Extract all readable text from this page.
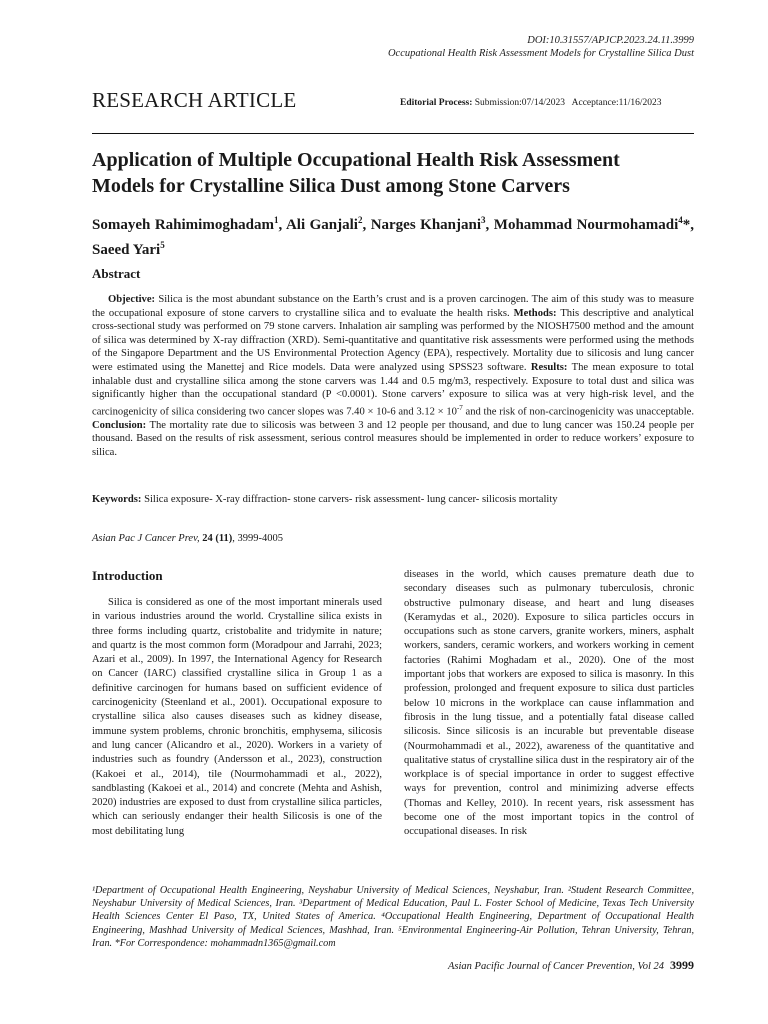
DOI:10.31557/APJCP.2023.24.11.3999
Occupational Health Risk Assessment Models for Crystalline Silica Dust
RESEARCH ARTICLE	Editorial Process: Submission:07/14/2023 Acceptance:11/16/2023
Application of Multiple Occupational Health Risk Assessment
Models for Crystalline Silica Dust among Stone Carvers
Somayeh Rahimimoghadam$^1$, Ali Ganjali$^2$, Narges Khanjani$^3$, Mohammad Nourmohamadi$^4$*, Saeed Yari$^5$
Abstract
Objective: Silica is the most abundant substance on the Earth’s crust and is a proven carcinogen. The aim of this study was to measure the occupational exposure of stone carvers to crystalline silica and to evaluate the health risks. Methods: This descriptive and analytical cross-sectional study was performed on 79 stone carvers. Inhalation air sampling was performed by the NIOSH7500 method and the amount of silica was determined by X-ray diffraction (XRD). Semi-quantitative and quantitative risk assessments were performed using the methods of the Singapore Department and the US Environmental Protection Agency (EPA), respectively. Mortality due to silicosis and lung cancer were estimated using the Manettej and Rice models. Data were analyzed using SPSS23 software. Results: The mean exposure to total inhalable dust and crystalline silica among the stone carvers was 1.44 and 0.5 mg/m3, respectively. Exposure to total dust and silica was significantly higher than the occupational standard (P <0.0001). Stone carvers’ exposure to silica was at very high-risk level, and the carcinogenicity of silica considering two cancer slopes was 7.40 × 10-6 and $3.12 \times 10^{-7}$ and the risk of non-carcinogenicity was unacceptable. Conclusion: The mortality rate due to silicosis was between 3 and 12 people per thousand, and due to lung cancer was 150.24 people per thousand. Based on the results of risk assessment, serious control measures should be implemented in order to reduce workers’ exposure to silica.
Keywords: Silica exposure- X-ray diffraction- stone carvers- risk assessment- lung cancer- silicosis mortality
Asian Pac J Cancer Prev, 24 (11), 3999-4005
Introduction
Silica is considered as one of the most important minerals used in various industries around the world. Crystalline silica exists in three forms including quartz, cristobalite and tridymite in nature; and quartz is the most common form (Moradpour and Jarrahi, 2023; Azari et al., 2009). In 1997, the International Agency for Research on Cancer (IARC) classified crystalline silica in Group 1 as a definitive carcinogen for humans based on sufficient evidence of carcinogenicity (Steenland et al., 2001). Occupational exposure to crystalline silica also causes diseases such as kidney disease, immune system problems, chronic bronchitis, emphysema, silicosis and lung cancer (Alicandro et al., 2020). Workers in a variety of industries such as foundry (Andersson et al., 2023), construction (Kakoei et al., 2014), tile (Nourmohammadi et al., 2022), sandblasting (Kakoei et al., 2014) and concrete (Mehta and Ashish, 2020) industries are exposed to dust from crystalline silica particles, which can seriously endanger their health Silicosis is one of the most debilitating lung
diseases in the world, which causes premature death due to secondary diseases such as pulmonary tuberculosis, chronic obstructive pulmonary disease, and heart and lung diseases (Keramydas et al., 2020). Exposure to silica particles occurs in occupations such as stone carvers, granite workers, miners, asphalt workers, sanders, ceramic workers, and workers working in cement factories (Rahimi Moghadam et al., 2020). One of the most important jobs that workers are exposed to silica is masonry. In this profession, prolonged and frequent exposure to silica dust particles below 10 microns in the workplace can cause inflammation and fibrosis in the lung tissue, and a potentially fatal disease called silicosis. Since silicosis is an incurable but preventable disease (Nourmohammadi et al., 2022), awareness of the quantitative and qualitative status of crystalline silica dust in the respiratory air of the workplace is of special importance in order to suggest effective ways for prevention, control and minimizing adverse effects (Thomas and Kelley, 2010). In recent years, risk assessment has become one of the most important topics in the control of occupational diseases. In risk
¹Department of Occupational Health Engineering, Neyshabur University of Medical Sciences, Neyshabur, Iran. ²Student Research Committee, Neyshabur University of Medical Sciences, Iran. ³Department of Medical Education, Paul L. Foster School of Medicine, Texas Tech University Health Sciences Center El Paso, TX, United States of America. ⁴Occupational Health Engineering, Department of Occupational Health Engineering, Mashhad University of Medical Sciences, Mashhad, Iran. ⁵Environmental Engineering-Air Pollution, Tehran University, Tehran, Iran. *For Correspondence: mohammadn1365@gmail.com
Asian Pacific Journal of Cancer Prevention, Vol 24 3999
